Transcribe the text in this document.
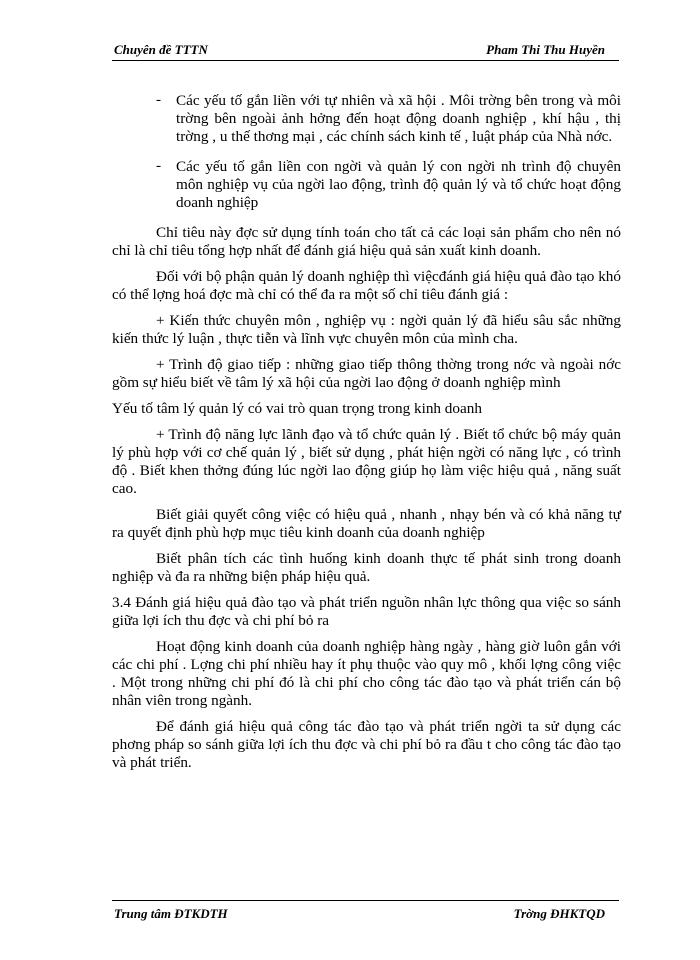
Chuyên đề TTTN	Pham Thi Thu Huyền
- Các yếu tố gắn liền với tự nhiên và xã hội . Môi trờng bên trong và môi trờng bên ngoài ảnh hởng đến hoạt động doanh nghiệp , khí hậu , thị trờng , u thế thơng mại , các chính sách kinh tế , luật pháp của Nhà nớc.
- Các yếu tố gắn liền con ngời và quản lý con ngời nh trình độ chuyên môn nghiệp vụ của ngời lao động, trình độ quản lý và tổ chức hoạt động doanh nghiệp

Chỉ tiêu này đợc sử dụng tính toán cho tất cả các loại sản phẩm cho nên nó chỉ là chỉ tiêu tổng hợp nhất để đánh giá hiệu quả sản xuất kinh doanh.

Đối với bộ phận quản lý doanh nghiệp thì việcđánh giá hiệu quả đào tạo khó có thể lợng hoá đợc mà chỉ có thể đa ra một số chỉ tiêu đánh giá :

+ Kiến thức chuyên môn , nghiệp vụ : ngời quản lý đã hiểu sâu sắc những kiến thức lý luận , thực tiễn và lĩnh vực chuyên môn của mình cha.

+ Trình độ giao tiếp : những giao tiếp thông thờng trong nớc và ngoài nớc gồm sự hiểu biết về tâm lý xã hội của ngời lao động ở doanh nghiệp mình

Yếu tố tâm lý quản lý có vai trò quan trọng trong kinh doanh

+ Trình độ năng lực lãnh đạo và tổ chức quản lý . Biết tổ chức bộ máy quản lý phù hợp với cơ chế quản lý , biết sử dụng , phát hiện ngời có năng lực , có trình độ . Biết khen thởng đúng lúc ngời lao động giúp họ làm việc hiệu quả , năng suất cao.

Biết giải quyết công việc có hiệu quả , nhanh , nhạy bén và có khả năng tự ra quyết định phù hợp mục tiêu kinh doanh của doanh nghiệp

Biết phân tích các tình huống kinh doanh thực tế phát sinh trong doanh nghiệp và đa ra những biện pháp hiệu quả.

3.4 Đánh giá hiệu quả đào tạo và phát triển nguồn nhân lực thông qua việc so sánh giữa lợi ích thu đợc và chi phí bỏ ra

Hoạt động kinh doanh của doanh nghiệp hàng ngày , hàng giờ luôn gắn với các chi phí . Lợng chi phí nhiều hay ít phụ thuộc vào quy mô , khối lợng công việc . Một trong những chi phí đó là chi phí cho công tác đào tạo và phát triển cán bộ nhân viên trong ngành.

Để đánh giá hiệu quả công tác đào tạo và phát triển ngời ta sử dụng các phơng pháp so sánh giữa lợi ích thu đợc và chi phí bỏ ra đầu t cho công tác đào tạo và phát triển.

Trung tâm ĐTKDTH	Trờng ĐHKTQD
